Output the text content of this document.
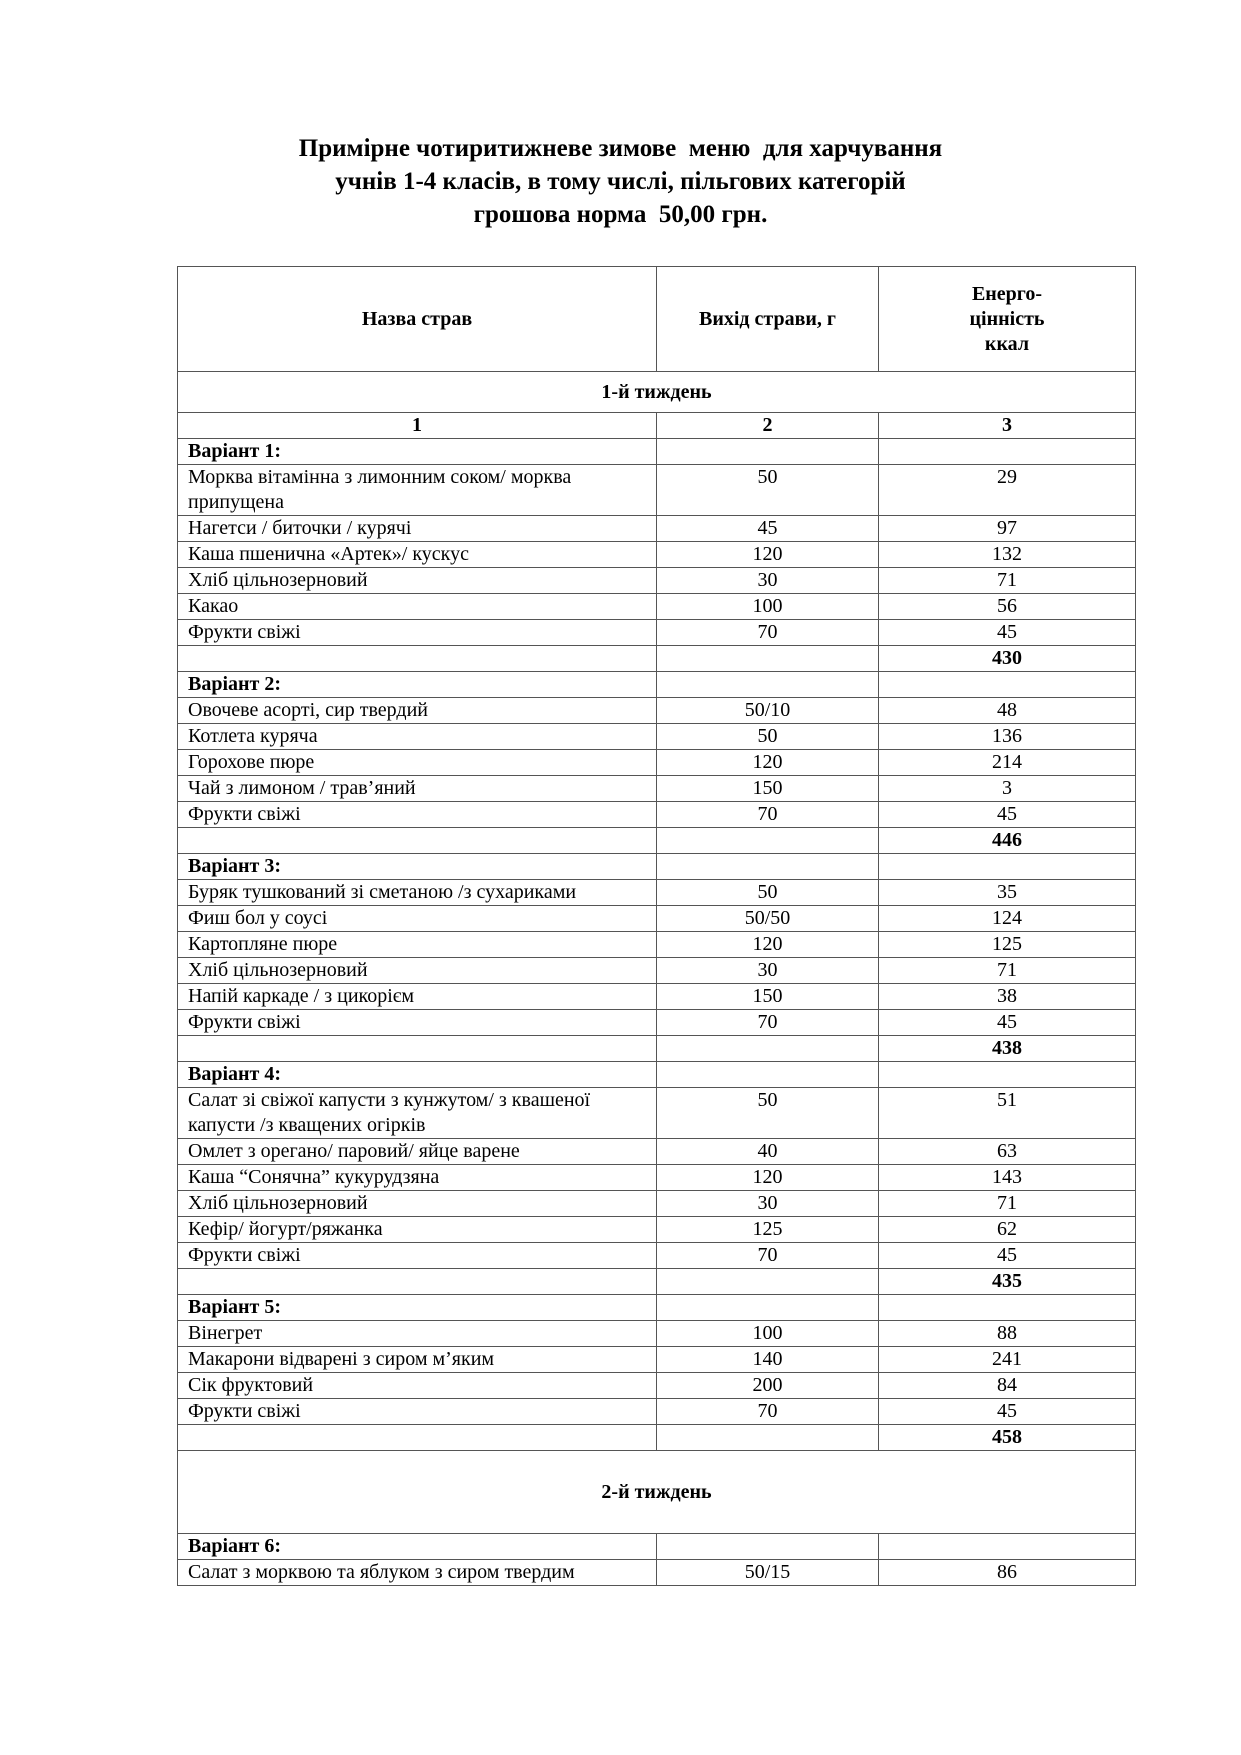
Примірне чотиритижневе зимове  меню  для харчування
учнів 1-4 класів, в тому числі, пільгових категорій
грошова норма  50,00 грн.
Назва страв	Вихід страви, г	Енерго-
цінність
ккал

1-й тиждень		
1	2	3
Варіант 1:		
Морква вітамінна з лимонним соком/ морква припущена	50	29
Нагетси / биточки / курячі	45	97
Каша пшенична «Артек»/ кускус	120	132
Хліб цільнозерновий	30	71
Какао	100	56
Фрукти свіжі	70	45
		430
Варіант 2:		
Овочеве асорті, сир твердий	50/10	48
Котлета куряча	50	136
Горохове пюре	120	214
Чай з лимоном / трав’яний	150	3
Фрукти свіжі	70	45
		446
Варіант 3:		
Буряк тушкований зі сметаною /з сухариками	50	35
Фиш бол у соусі	50/50	124
Картопляне пюре	120	125
Хліб цільнозерновий	30	71
Напій каркаде / з цикорієм	150	38
Фрукти свіжі	70	45
		438
Варіант 4:		
Салат зі свіжої капусти з кунжутом/ з квашеної капусти /з кващених огірків	50	51
Омлет з орегано/ паровий/ яйце варене	40	63
Каша “Сонячна” кукурудзяна	120	143
Хліб цільнозерновий	30	71
Кефір/ йогурт/ряжанка	125	62
Фрукти свіжі	70	45
		435
Варіант 5:		
Вінегрет	100	88
Макарони відварені з сиром м’яким	140	241
Сік фруктовий	200	84
Фрукти свіжі	70	45
		458
2-й тиждень		
Варіант 6:		
Салат з морквою та яблуком з сиром твердим	50/15	86
